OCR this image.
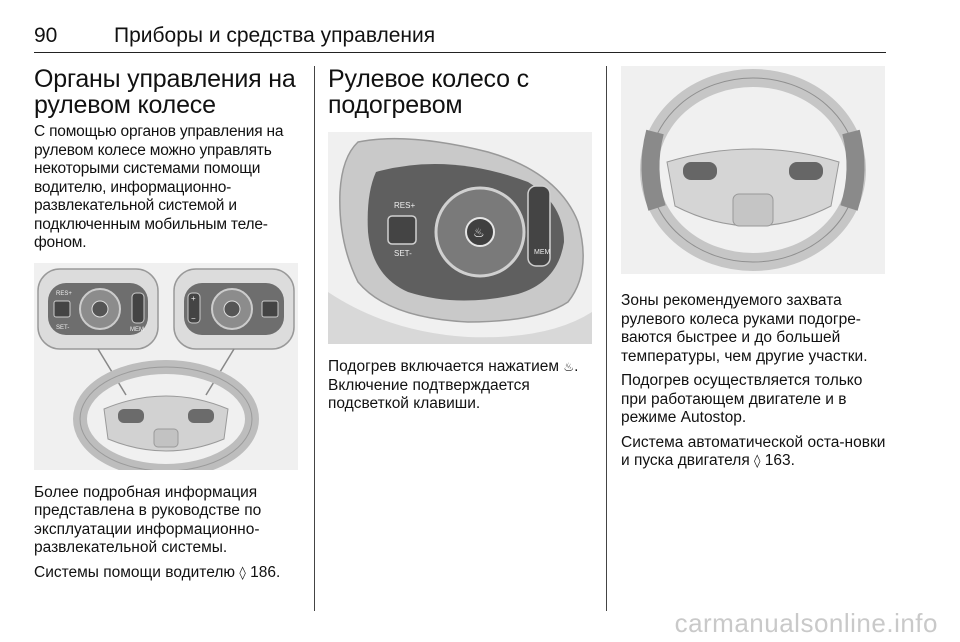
90	Приборы и средства управления
Органы управления на рулевом колесе

С помощью органов управления на рулевом колесе можно управлять некоторыми системами помощи водителю, информационно-развлекательной системой и подключенным мобильным теле-фоном.

RES+
SET-	MEM
+
−

Более подробная информация представлена в руководстве по эксплуатации информационно-развлекательной системы.

Системы помощи водителю ◊ 186.

Рулевое колесо с подогревом
♨
RES+
SET-	MEM

Подогрев включается нажатием ♨. Включение подтверждается подсветкой клавиши.

Зоны рекомендуемого захвата рулевого колеса руками подогре-ваются быстрее и до большей температуры, чем другие участки.

Подогрев осуществляется только при работающем двигателе и в режиме Autostop.

Система автоматической оста-новки и пуска двигателя ◊ 163.

carmanualsonline.info
